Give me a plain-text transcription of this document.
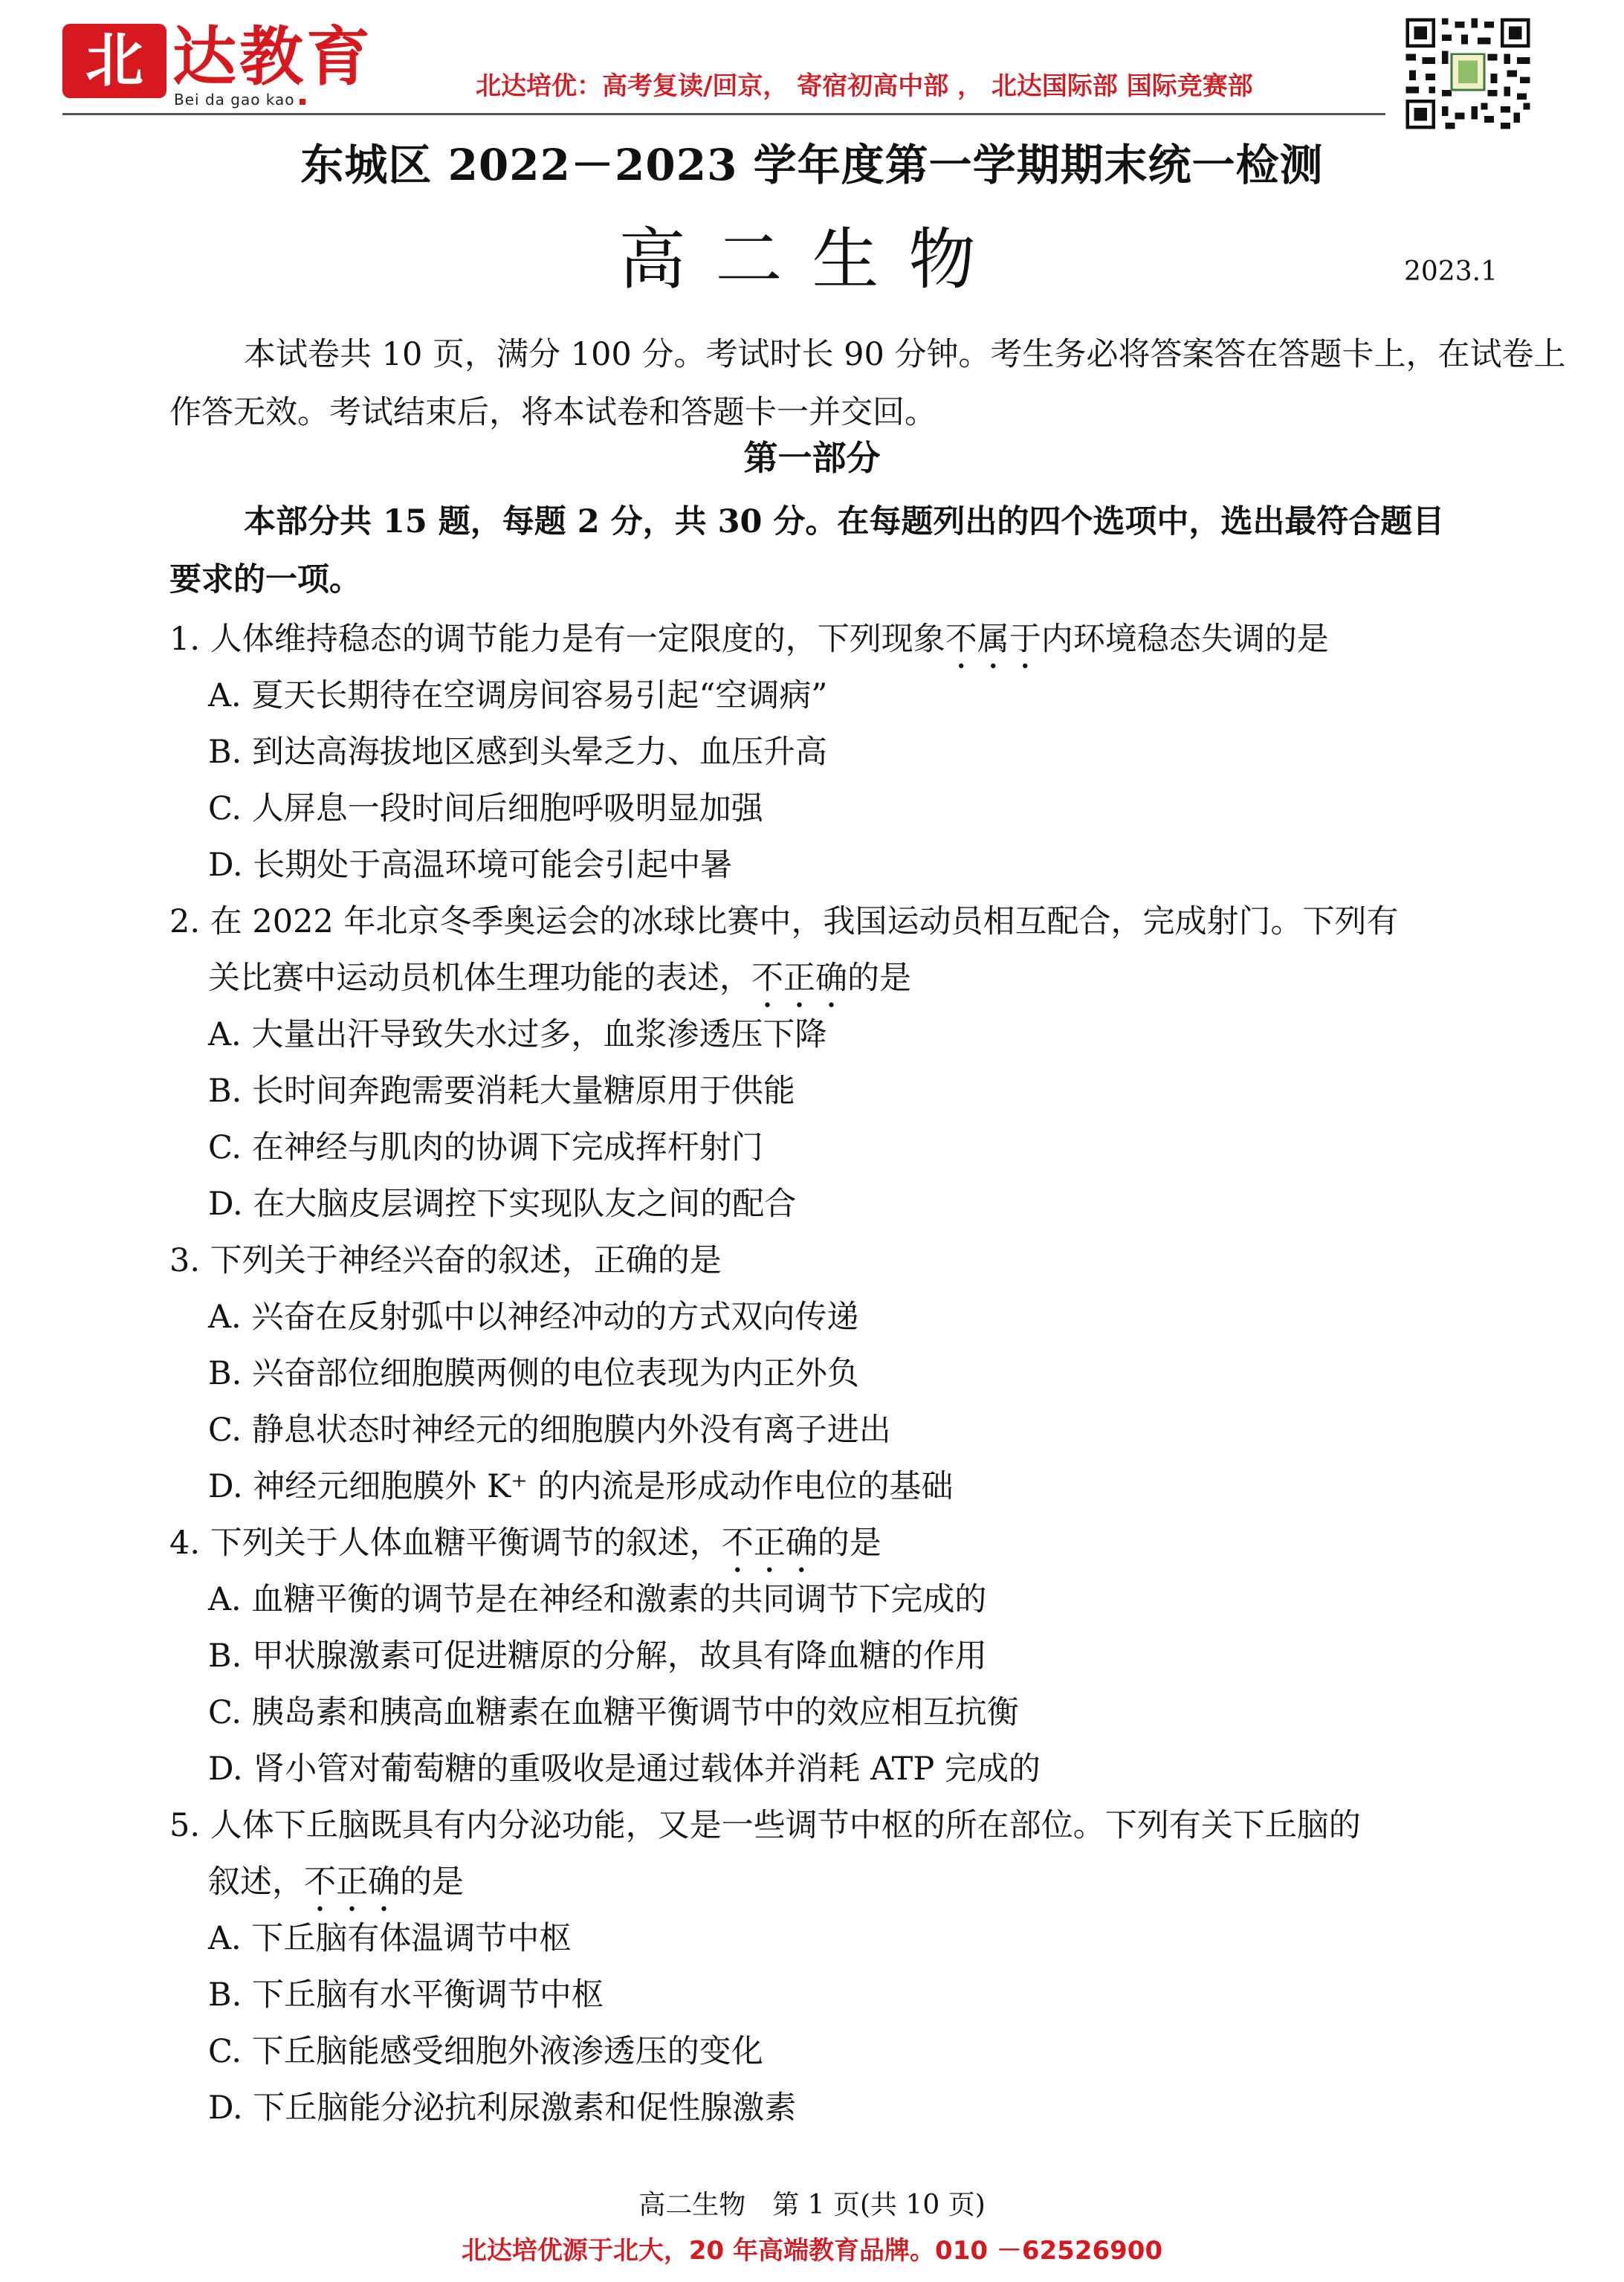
北 达教育
Bei da gao kao	北达培优：高考复读/回京， 寄宿初高中部 ， 北达国际部 国际竞赛部
东城区 2022－2023 学年度第一学期期末统一检测
高二生物	2023.1
本试卷共 10 页，满分 100 分。考试时长 90 分钟。考生务必将答案答在答题卡上，在试卷上作答无效。考试结束后，将本试卷和答题卡一并交回。
第一部分
本部分共 15 题，每题 2 分，共 30 分。在每题列出的四个选项中，选出最符合题目
要求的一项。
1. 人体维持稳态的调节能力是有一定限度的，下列现象不属于内环境稳态失调的是
A. 夏天长期待在空调房间容易引起“空调病”
B. 到达高海拔地区感到头晕乏力、血压升高
C. 人屏息一段时间后细胞呼吸明显加强
D. 长期处于高温环境可能会引起中暑
2. 在 2022 年北京冬季奥运会的冰球比赛中，我国运动员相互配合，完成射门。下列有
关比赛中运动员机体生理功能的表述，不正确的是
A. 大量出汗导致失水过多，血浆渗透压下降
B. 长时间奔跑需要消耗大量糖原用于供能
C. 在神经与肌肉的协调下完成挥杆射门
D. 在大脑皮层调控下实现队友之间的配合
3. 下列关于神经兴奋的叙述，正确的是
A. 兴奋在反射弧中以神经冲动的方式双向传递
B. 兴奋部位细胞膜两侧的电位表现为内正外负
C. 静息状态时神经元的细胞膜内外没有离子进出
D. 神经元细胞膜外 K⁺ 的内流是形成动作电位的基础
4. 下列关于人体血糖平衡调节的叙述，不正确的是
A. 血糖平衡的调节是在神经和激素的共同调节下完成的
B. 甲状腺激素可促进糖原的分解，故具有降血糖的作用
C. 胰岛素和胰高血糖素在血糖平衡调节中的效应相互抗衡
D. 肾小管对葡萄糖的重吸收是通过载体并消耗 ATP 完成的
5. 人体下丘脑既具有内分泌功能，又是一些调节中枢的所在部位。下列有关下丘脑的
叙述，不正确的是
A. 下丘脑有体温调节中枢
B. 下丘脑有水平衡调节中枢
C. 下丘脑能感受细胞外液渗透压的变化
D. 下丘脑能分泌抗利尿激素和促性腺激素
高二生物　第 1 页(共 10 页)
北达培优源于北大，20 年高端教育品牌。010 －62526900
